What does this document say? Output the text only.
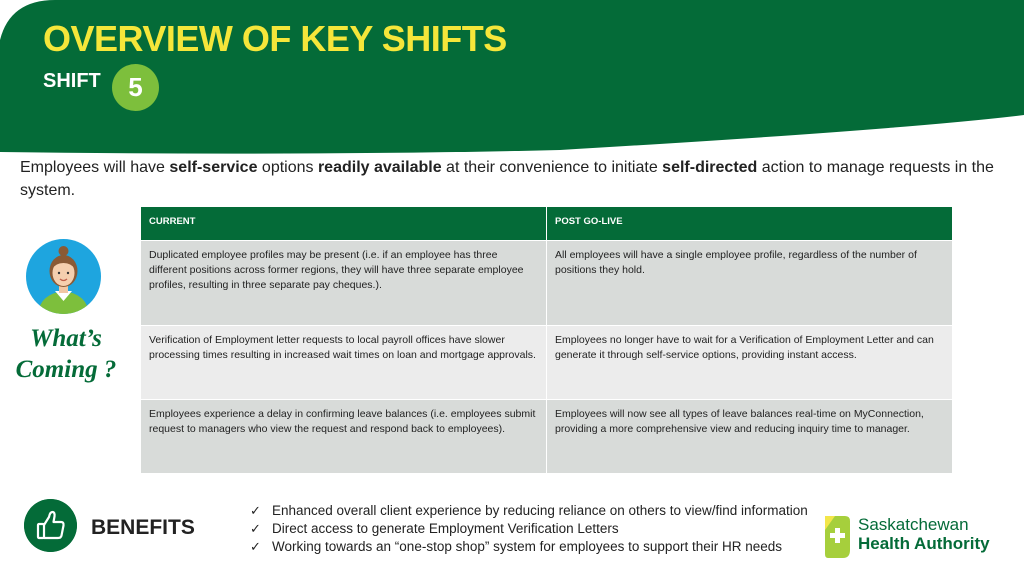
OVERVIEW OF KEY SHIFTS
SHIFT	5

Employees will have self-service options readily available at their convenience to initiate self-directed action to manage requests in the system.

What’s
Coming ?
CURRENT	POST GO-LIVE
Duplicated employee profiles may be present (i.e. if an employee has three different positions across former regions, they will have three separate employee profiles, resulting in three separate pay cheques.).
All employees will have a single employee profile, regardless of the number of positions they hold.
Verification of Employment letter requests to local payroll offices have slower processing times resulting in increased wait times on loan and mortgage approvals.
Employees no longer have to wait for a Verification of Employment Letter and can generate it through self-service options, providing instant access.
Employees experience a delay in confirming leave balances (i.e. employees submit request to managers who view the request and respond back to employees).
Employees will now see all types of leave balances real-time on MyConnection, providing a more comprehensive view and reducing inquiry time to manager.
BENEFITS
✓ Enhanced overall client experience by reducing reliance on others to view/find information
✓ Direct access to generate Employment Verification Letters
✓ Working towards an “one-stop shop” system for employees to support their HR needs
Saskatchewan
Health Authority
